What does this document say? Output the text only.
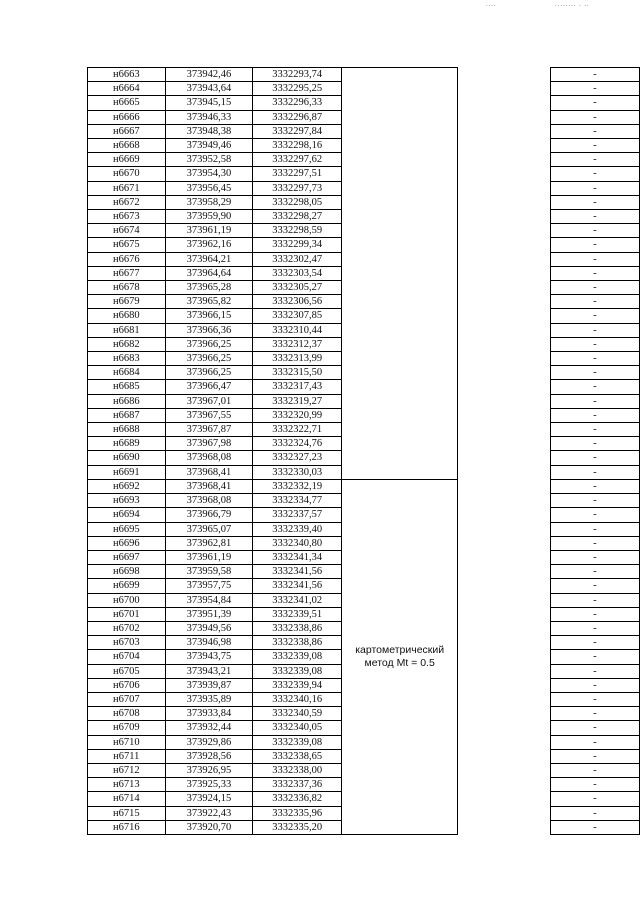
....	........ . ..
н6663	373942,46	3332293,74			-
н6664	373943,64	3332295,25			-
н6665	373945,15	3332296,33			-
н6666	373946,33	3332296,87			-
н6667	373948,38	3332297,84			-
н6668	373949,46	3332298,16			-
н6669	373952,58	3332297,62			-
н6670	373954,30	3332297,51			-
н6671	373956,45	3332297,73			-
н6672	373958,29	3332298,05			-
н6673	373959,90	3332298,27			-
н6674	373961,19	3332298,59			-
н6675	373962,16	3332299,34			-
н6676	373964,21	3332302,47			-
н6677	373964,64	3332303,54			-
н6678	373965,28	3332305,27			-
н6679	373965,82	3332306,56			-
н6680	373966,15	3332307,85			-
н6681	373966,36	3332310,44			-
н6682	373966,25	3332312,37			-
н6683	373966,25	3332313,99			-
н6684	373966,25	3332315,50			-
н6685	373966,47	3332317,43			-
н6686	373967,01	3332319,27			-
н6687	373967,55	3332320,99			-
н6688	373967,87	3332322,71			-
н6689	373967,98	3332324,76			-
н6690	373968,08	3332327,23			-
н6691	373968,41	3332330,03			-
н6692	373968,41	3332332,19	картометрический метод Mt = 0.5		-
н6693	373968,08	3332334,77			-
н6694	373966,79	3332337,57			-
н6695	373965,07	3332339,40			-
н6696	373962,81	3332340,80			-
н6697	373961,19	3332341,34			-
н6698	373959,58	3332341,56			-
н6699	373957,75	3332341,56			-
н6700	373954,84	3332341,02			-
н6701	373951,39	3332339,51			-
н6702	373949,56	3332338,86			-
н6703	373946,98	3332338,86			-
н6704	373943,75	3332339,08			-
н6705	373943,21	3332339,08			-
н6706	373939,87	3332339,94			-
н6707	373935,89	3332340,16			-
н6708	373933,84	3332340,59			-
н6709	373932,44	3332340,05			-
н6710	373929,86	3332339,08			-
н6711	373928,56	3332338,65			-
н6712	373926,95	3332338,00			-
н6713	373925,33	3332337,36			-
н6714	373924,15	3332336,82			-
н6715	373922,43	3332335,96			-
н6716	373920,70	3332335,20			-
